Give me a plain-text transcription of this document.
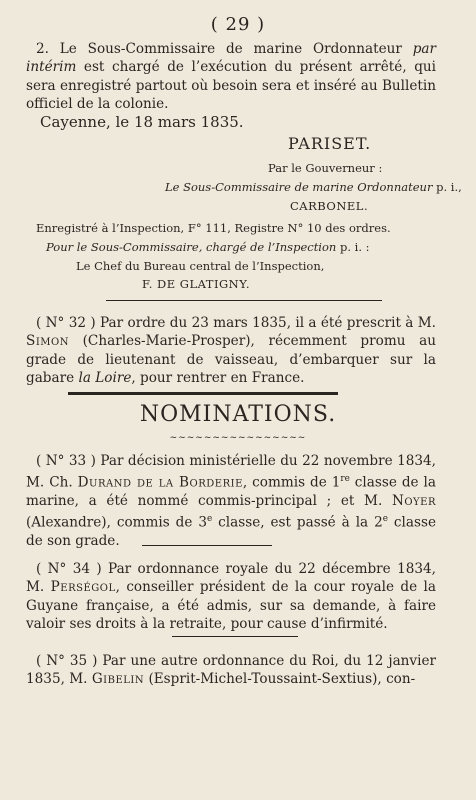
( 29 )
2. Le Sous-Commissaire de marine Ordonnateur par intérim est chargé de l’exécution du présent arrêté, qui sera enregistré partout où besoin sera et inséré au Bulletin officiel de la colonie.
Cayenne, le 18 mars 1835.
PARISET.
Par le Gouverneur :
Le Sous-Commissaire de marine Ordonnateur p. i.,
CARBONEL.
Enregistré à l’Inspection, F° 111, Registre N° 10 des ordres.
Pour le Sous-Commissaire, chargé de l’Inspection p. i. :
Le Chef du Bureau central de l’Inspection,
F. DE GLATIGNY.
( N° 32 ) Par ordre du 23 mars 1835, il a été prescrit à M. Simon (Charles-Marie-Prosper), récemment promu au grade de lieutenant de vaisseau, d’embarquer sur la gabare la Loire, pour rentrer en France.
NOMINATIONS.
~~~~~~~~~~~~~~~~
( N° 33 ) Par décision ministérielle du 22 novembre 1834, M. Ch. Durand de la Borderie, commis de 1re classe de la marine, a été nommé commis-principal ; et M. Noyer (Alexandre), commis de 3e classe, est passé à la 2e classe de son grade.
( N° 34 ) Par ordonnance royale du 22 décembre 1834, M. Perségol, conseiller président de la cour royale de la Guyane française, a été admis, sur sa demande, à faire valoir ses droits à la retraite, pour cause d’infirmité.
( N° 35 ) Par une autre ordonnance du Roi, du 12 janvier 1835, M. Gibelin (Esprit-Michel-Toussaint-Sextius), con-
